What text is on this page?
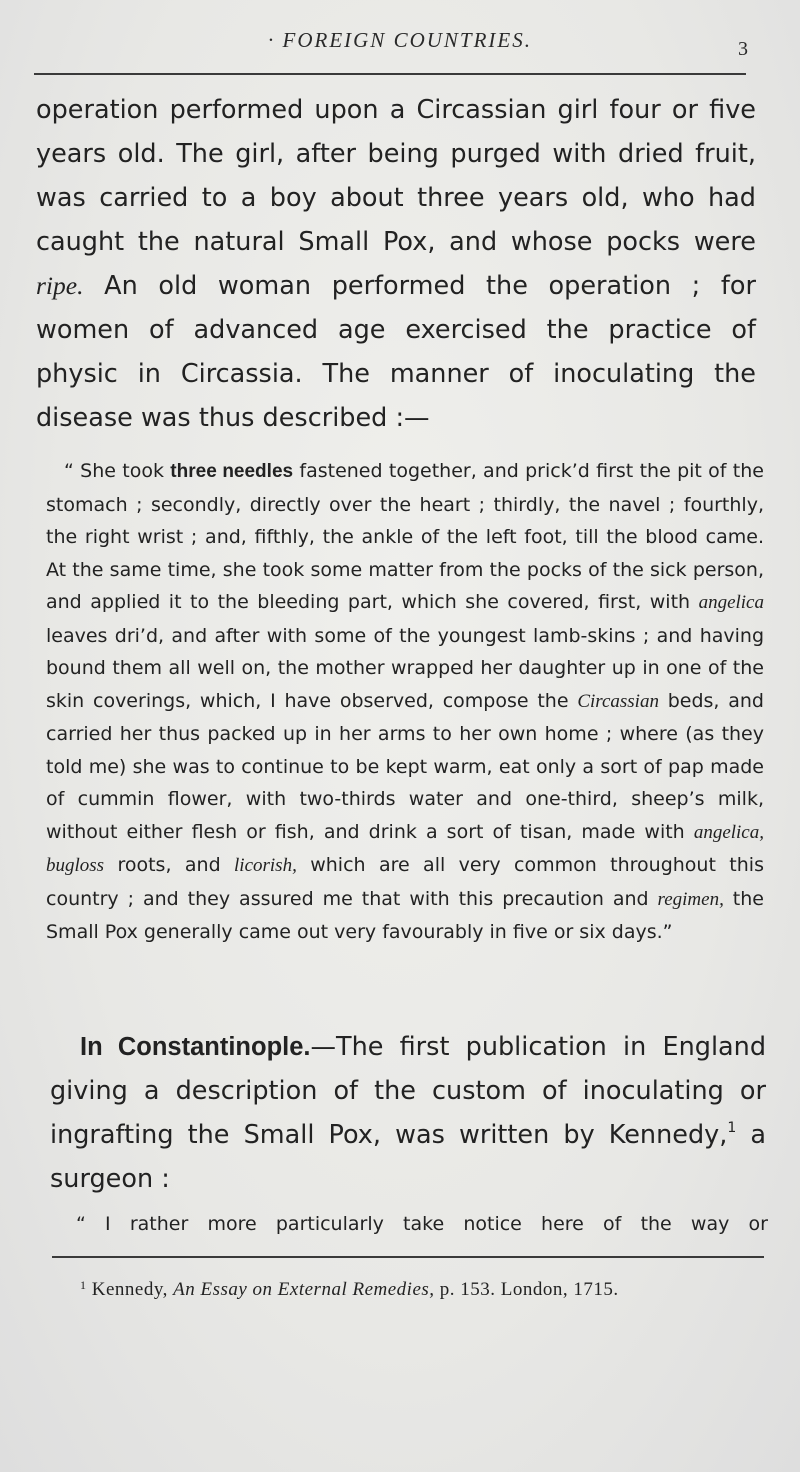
· FOREIGN COUNTRIES.	3

operation performed upon a Circassian girl four or five years old. The girl, after being purged with dried fruit, was carried to a boy about three years old, who had caught the natural Small Pox, and whose pocks were ripe. An old woman performed the operation ; for women of advanced age exercised the practice of physic in Circassia. The manner of inoculating the disease was thus described :—

“ She took three needles fastened together, and prick’d first the pit of the stomach ; secondly, directly over the heart ; thirdly, the navel ; fourthly, the right wrist ; and, fifthly, the ankle of the left foot, till the blood came. At the same time, she took some matter from the pocks of the sick person, and applied it to the bleeding part, which she covered, first, with angelica leaves dri’d, and after with some of the youngest lamb-skins ; and having bound them all well on, the mother wrapped her daughter up in one of the skin coverings, which, I have observed, compose the Circassian beds, and carried her thus packed up in her arms to her own home ; where (as they told me) she was to continue to be kept warm, eat only a sort of pap made of cummin flower, with two-thirds water and one-third, sheep’s milk, without either flesh or fish, and drink a sort of tisan, made with angelica, bugloss roots, and licorish, which are all very common throughout this country ; and they assured me that with this precaution and regimen, the Small Pox generally came out very favourably in five or six days.”

In Constantinople.—The first publication in England giving a description of the custom of inoculating or ingrafting the Small Pox, was written by Kennedy,$^1$ a surgeon :

“ I rather more particularly take notice here of the way or
$^1$ Kennedy, An Essay on External Remedies, p. 153. London, 1715.
